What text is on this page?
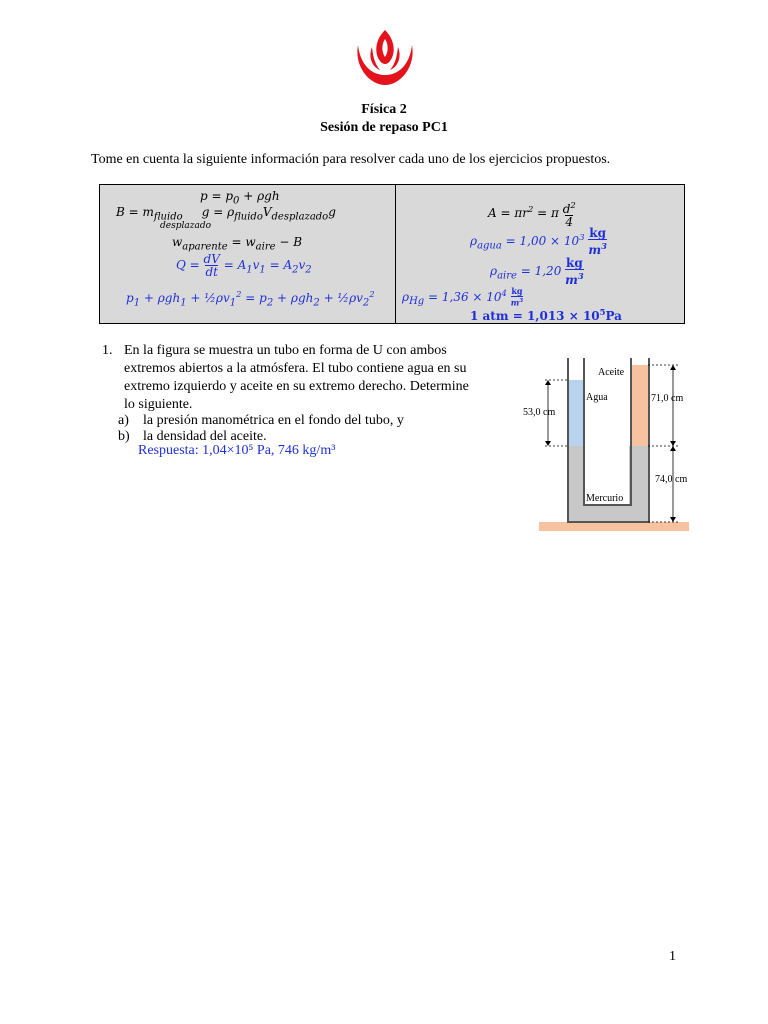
Física 2
Sesión de repaso PC1
Tome en cuenta la siguiente información para resolver cada uno de los ejercicios propuestos.
$p = p_0 + \rho gh$
$B = m_{fluido}$     $g = \rho_{fluido}V_{desplazado}g$
desplazado
$w_{aparente} = w_{aire} - B$
Q = dV
dt = $A_1v_1 = A_2v_2$
$p_1 + \rho gh_1$ + $\frac{1}{2}\rho v_1^2 = p_2 + \rho gh_2$ + $\frac{1}{2}\rho v_2^2$
$A = \pi r^2 = \pi$ $d^2$
4
$\rho_{agua} = 1,00 \times 10^3$ kg
$m^3$
$\rho_{aire} = 1,20$ kg
$m^3$
$\rho_{Hg} = 1,36 \times 10^4$ kg
$m^3$
1 atm = $1,013 \times 10^5Pa$
1. En la figura se muestra un tubo en forma de U con ambos
extremos abiertos a la atmósfera. El tubo contiene agua en su
extremo izquierdo y aceite en su extremo derecho. Determine
lo siguiente.
a) la presión manométrica en el fondo del tubo, y
b) la densidad del aceite.
Respuesta: 1,04×10⁵ Pa, 746 kg/m³
Aceite
Agua
Mercurio
53,0 cm
71,0 cm
74,0 cm
1
